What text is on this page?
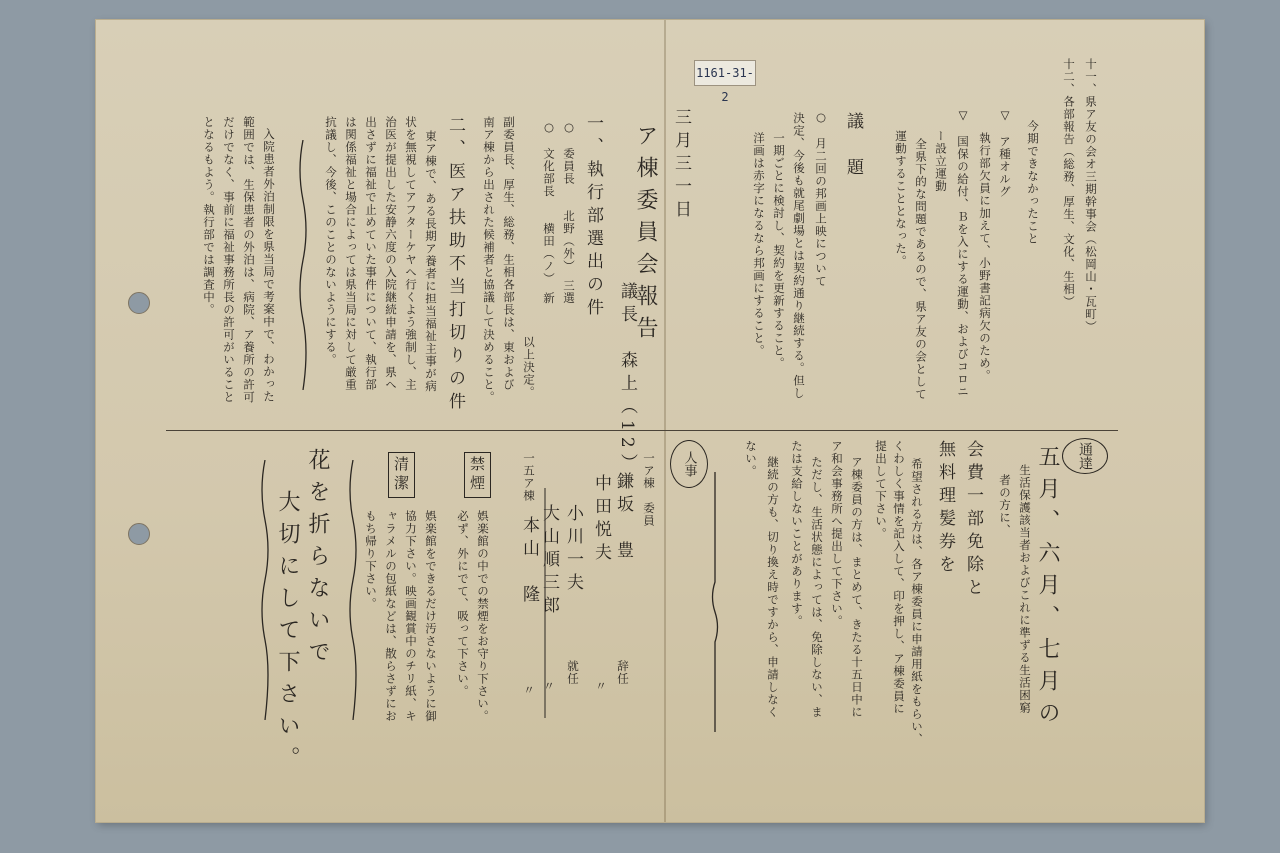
1161-31-2	十一、県ア友の会オ三期幹事会（松岡山・瓦町）
十二、各部報告（総務、厚生、文化、生相）
今期できなかったこと
▽　ア種オルグ
執行部欠員に加えて、小野書記病欠のため。
▽　国保の給付、Ｂを入にする運動、およびコロニ
ー設立運動
全県下的な問題であるので、県ア友の会として
運動することとなった。
議　題
○　月二回の邦画上映について
決定、今後も就尾劇場とは契約通り継続する。但し
一期ごとに検討し、契約を更新すること。
洋画は赤字になるなら邦画にすること。
三月三一日
ア棟委員会報告
議長　森上（12）
一、執行部選出の件
○　委員長　　北野（外）　三選
○　文化部長　　横田（ノ）　新
以上決定。
副委員長、厚生、総務、生相各部長は、東および
南ア棟から出された候補者と協議して決めること。
二、医ア扶助不当打切りの件
東ア棟で、ある長期ア養者に担当福祉主事が病
状を無視してアフターケヤへ行くよう強制し、主
治医が提出した安静六度の入院継続申請を、県へ
出さずに福祉で止めていた事件について、執行部
は関係福祉と場合によっては県当局に対して厳重
抗議し、今後、このことのないようにする。
入院患者外泊制限を県当局で考案中で、わかった
範囲では、生保患者の外泊は、病院、ア養所の許可
だけでなく、事前に福祉事務所長の許可がいること
となるもよう。執行部では調査中。
通達
五月、六月、七月の
生活保護該当者およびこれに準ずる生活困窮
者の方に、
会費一部免除と
無料理髪券を
希望される方は、各ア棟委員に申請用紙をもらい、
くわしく事情を記入して、印を押し、ア棟委員に
提出して下さい。
ア棟委員の方は、まとめて、きたる十五日中に
ア和会事務所へ提出して下さい。
ただし、生活状態によっては、免除しない、ま
たは支給しないことがあります。
継続の方も、切り換え時ですから、申請しなく
ない。
人事
一ア棟　委員
鎌坂　豊
辞任
中田悦夫
〃
小川一夫
就任
大山順三郎
〃
一五ア棟
本山　隆
〃
禁煙
娯楽館の中での禁煙をお守り下さい。
必ず、外にでて、吸って下さい。
清潔
娯楽館をできるだけ汚さないように御
協力下さい。映画観賞中のチリ紙、キ
ャラメルの包紙などは、散らさずにお
もち帰り下さい。
花を折らないで
大切にして下さい。
